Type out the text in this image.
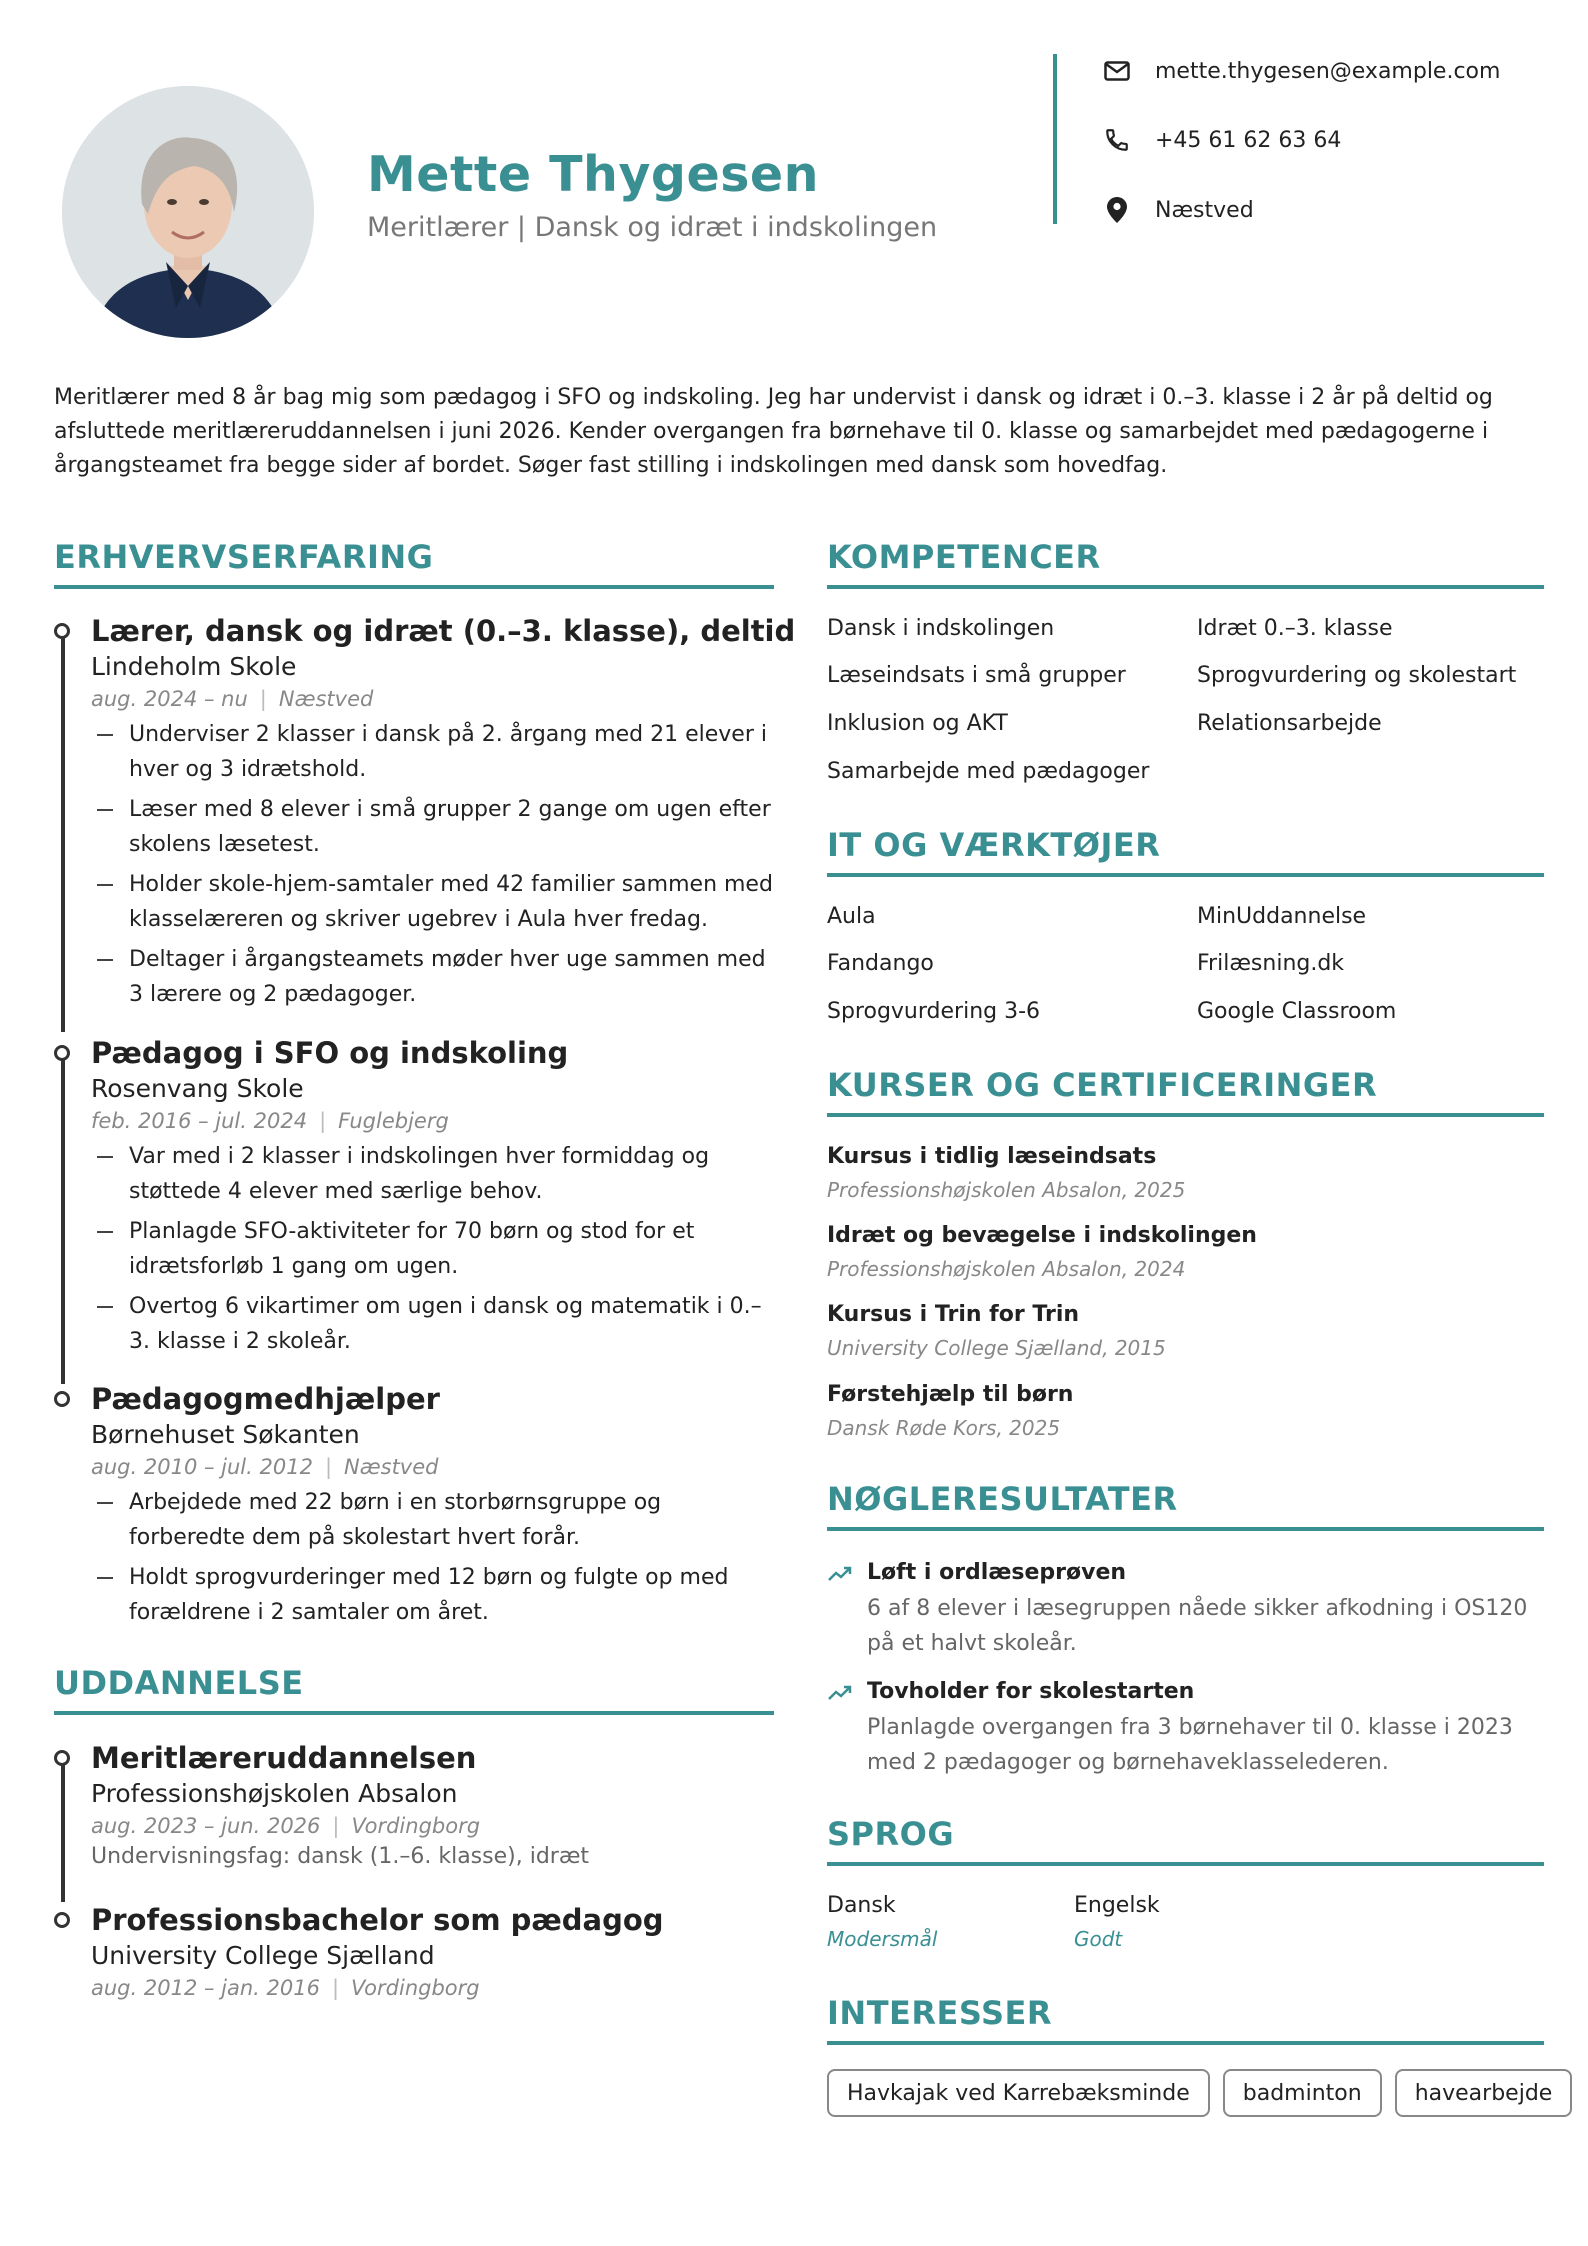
Mette Thygesen
Meritlærer | Dansk og idræt i indskolingen
mette.thygesen@example.com
+45 61 62 63 64
Næstved

Meritlærer med 8 år bag mig som pædagog i SFO og indskoling. Jeg har undervist i dansk og idræt i 0.–3. klasse i 2 år på deltid og afsluttede meritlæreruddannelsen i juni 2026. Kender overgangen fra børnehave til 0. klasse og samarbejdet med pædagogerne i årgangsteamet fra begge sider af bordet. Søger fast stilling i indskolingen med dansk som hovedfag.

ERHVERVSERFARING
Lærer, dansk og idræt (0.–3. klasse), deltid
Lindeholm Skole
aug. 2024 – nu | Næstved
Underviser 2 klasser i dansk på 2. årgang med 21 elever i hver og 3 idrætshold.
Læser med 8 elever i små grupper 2 gange om ugen efter skolens læsetest.
Holder skole-hjem-samtaler med 42 familier sammen med klasselæreren og skriver ugebrev i Aula hver fredag.
Deltager i årgangsteamets møder hver uge sammen med 3 lærere og 2 pædagoger.
Pædagog i SFO og indskoling
Rosenvang Skole
feb. 2016 – jul. 2024 | Fuglebjerg
Var med i 2 klasser i indskolingen hver formiddag og støttede 4 elever med særlige behov.
Planlagde SFO-aktiviteter for 70 børn og stod for et idrætsforløb 1 gang om ugen.
Overtog 6 vikartimer om ugen i dansk og matematik i 0.–3. klasse i 2 skoleår.
Pædagogmedhjælper
Børnehuset Søkanten
aug. 2010 – jul. 2012 | Næstved
Arbejdede med 22 børn i en storbørnsgruppe og forberedte dem på skolestart hvert forår.
Holdt sprogvurderinger med 12 børn og fulgte op med forældrene i 2 samtaler om året.
UDDANNELSE
Meritlæreruddannelsen
Professionshøjskolen Absalon
aug. 2023 – jun. 2026 | Vordingborg
Undervisningsfag: dansk (1.–6. klasse), idræt
Professionsbachelor som pædagog
University College Sjælland
aug. 2012 – jan. 2016 | Vordingborg
KOMPETENCER
Dansk i indskolingen	Idræt 0.–3. klasse
Læseindsats i små grupper	Sprogvurdering og skolestart
Inklusion og AKT	Relationsarbejde
Samarbejde med pædagoger
IT OG VÆRKTØJER
Aula	MinUddannelse
Fandango	Frilæsning.dk
Sprogvurdering 3-6	Google Classroom
KURSER OG CERTIFICERINGER
Kursus i tidlig læseindsats
Professionshøjskolen Absalon, 2025
Idræt og bevægelse i indskolingen
Professionshøjskolen Absalon, 2024
Kursus i Trin for Trin
University College Sjælland, 2015
Førstehjælp til børn
Dansk Røde Kors, 2025
NØGLERESULTATER
Løft i ordlæseprøven
6 af 8 elever i læsegruppen nåede sikker afkodning i OS120 på et halvt skoleår.
Tovholder for skolestarten
Planlagde overgangen fra 3 børnehaver til 0. klasse i 2023 med 2 pædagoger og børnehaveklasselederen.
SPROG
Dansk
Modersmål
Engelsk
Godt
INTERESSER
Havkajak ved Karrebæksminde	badminton	havearbejde
